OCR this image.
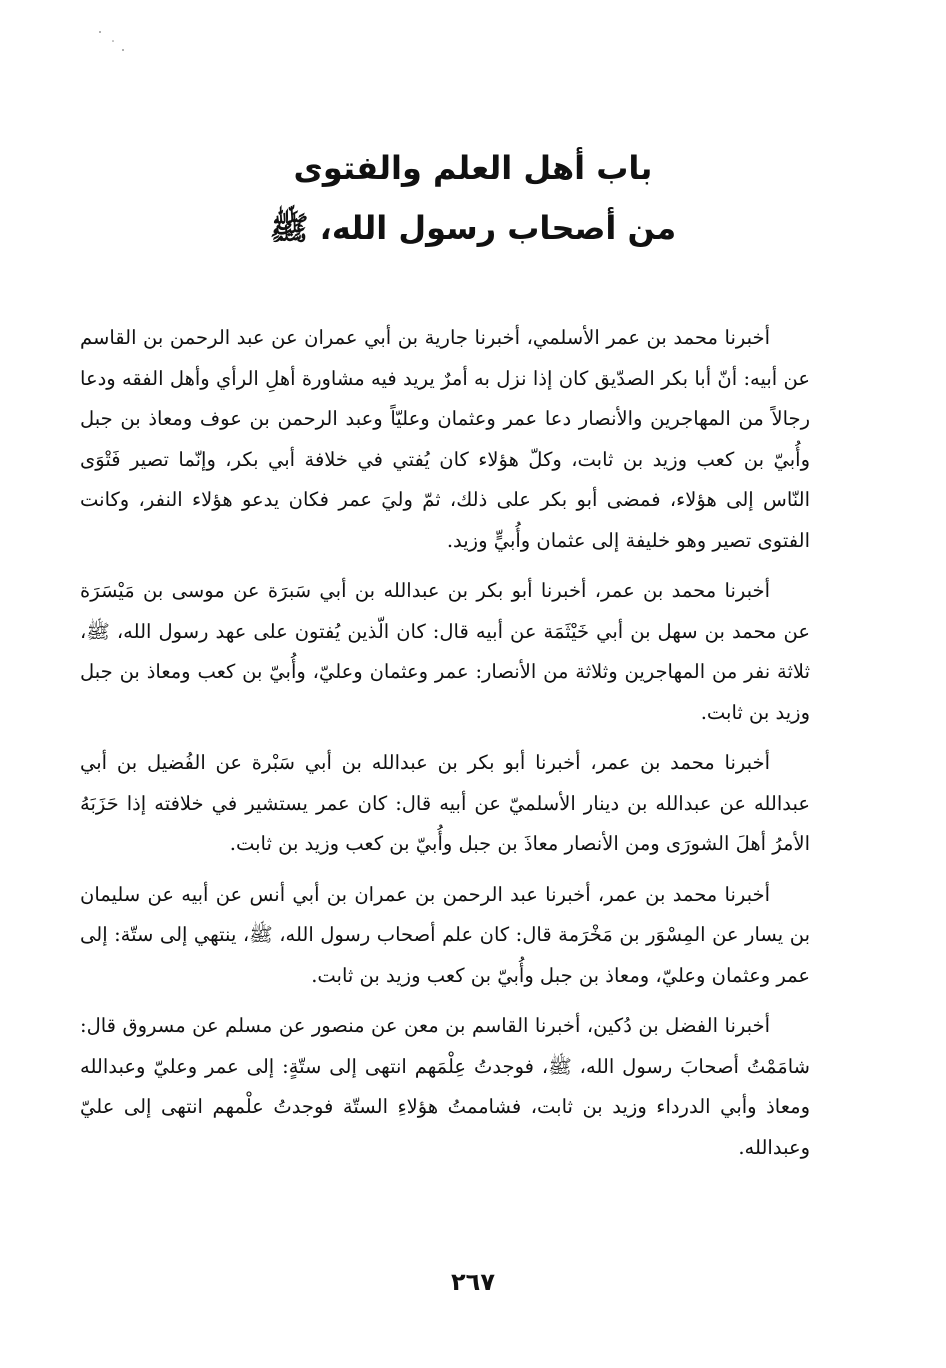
باب أهل العلم والفتوى

من أصحاب رسول الله، ﷺ

أخبرنا محمد بن عمر الأسلمي، أخبرنا جارية بن أبي عمران عن عبد الرحمن بن القاسم عن أبيه: أنّ أبا بكر الصدّيق كان إذا نزل به أمرٌ يريد فيه مشاورة أهلِ الرأي وأهل الفقه ودعا رجالاً من المهاجرين والأنصار دعا عمر وعثمان وعليّاً وعبد الرحمن بن عوف ومعاذ بن جبل وأُبيّ بن كعب وزيد بن ثابت، وكلّ هؤلاء كان يُفتي في خلافة أبي بكر، وإنّما تصير فَتْوَى النّاس إلى هؤلاء، فمضى أبو بكر على ذلك، ثمّ وليَ عمر فكان يدعو هؤلاء النفر، وكانت الفتوى تصير وهو خليفة إلى عثمان وأُبيٍّ وزيد.

أخبرنا محمد بن عمر، أخبرنا أبو بكر بن عبدالله بن أبي سَبرَة عن موسى بن مَيْسَرَة عن محمد بن سهل بن أبي خَيْثَمَة عن أبيه قال: كان الّذين يُفتون على عهد رسول الله، ﷺ، ثلاثة نفر من المهاجرين وثلاثة من الأنصار: عمر وعثمان وعليّ، وأُبيّ بن كعب ومعاذ بن جبل وزيد بن ثابت.

أخبرنا محمد بن عمر، أخبرنا أبو بكر بن عبدالله بن أبي سَبْرة عن الفُضيل بن أبي عبدالله عن عبدالله بن دينار الأسلميّ عن أبيه قال: كان عمر يستشير في خلافته إذا حَزَبَهُ الأمرُ أهلَ الشورَى ومن الأنصار معاذَ بن جبل وأُبيّ بن كعب وزيد بن ثابت.

أخبرنا محمد بن عمر، أخبرنا عبد الرحمن بن عمران بن أبي أنس عن أبيه عن سليمان بن يسار عن المِسْوَر بن مَخْرَمة قال: كان علم أصحاب رسول الله، ﷺ، ينتهي إلى ستّة: إلى عمر وعثمان وعليّ، ومعاذ بن جبل وأُبيّ بن كعب وزيد بن ثابت.

أخبرنا الفضل بن دُكين، أخبرنا القاسم بن معن عن منصور عن مسلم عن مسروق قال: شامَمْتُ أصحابَ رسول الله، ﷺ، فوجدتُ عِلْمَهم انتهى إلى ستّةٍ: إلى عمر وعليّ وعبدالله ومعاذ وأبي الدرداء وزيد بن ثابت، فشاممتُ هؤلاءِ الستّة فوجدتُ علْمهم انتهى إلى عليّ وعبدالله.

٢٦٧
